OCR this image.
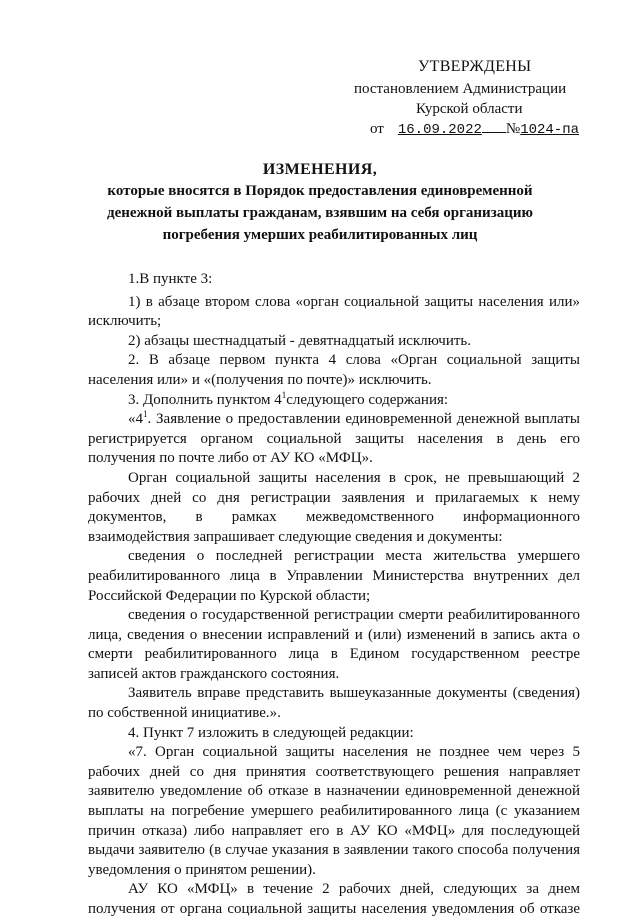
УТВЕРЖДЕНЫ
постановлением Администрации
Курской области
от 16.09.2022 №1024-па
ИЗМЕНЕНИЯ,
которые вносятся в Порядок предоставления единовременной
денежной выплаты гражданам, взявшим на себя организацию
погребения умерших реабилитированных лиц

1.В пункте 3:

1) в абзаце втором слова «орган социальной защиты населения или» исключить;

2) абзацы шестнадцатый - девятнадцатый исключить.

2. В абзаце первом пункта 4 слова «Орган социальной защиты населения или» и «(получения по почте)» исключить.

3. Дополнить пунктом $4^1следующего$ содержания:

«$4^1$. Заявление о предоставлении единовременной денежной выплаты регистрируется органом социальной защиты населения в день его получения по почте либо от АУ КО «МФЦ».

Орган социальной защиты населения в срок, не превышающий 2 рабочих дней со дня регистрации заявления и прилагаемых к нему документов, в рамках межведомственного информационного взаимодействия запрашивает следующие сведения и документы:

сведения о последней регистрации места жительства умершего реабилитированного лица в Управлении Министерства внутренних дел Российской Федерации по Курской области;

сведения о государственной регистрации смерти реабилитированного лица, сведения о внесении исправлений и (или) изменений в запись акта о смерти реабилитированного лица в Едином государственном реестре записей актов гражданского состояния.

Заявитель вправе представить вышеуказанные документы (сведения) по собственной инициативе.».

4. Пункт 7 изложить в следующей редакции:

«7. Орган социальной защиты населения не позднее чем через 5 рабочих дней со дня принятия соответствующего решения направляет заявителю уведомление об отказе в назначении единовременной денежной выплаты на погребение умершего реабилитированного лица (с указанием причин отказа) либо направляет его в АУ КО «МФЦ» для последующей выдачи заявителю (в случае указания в заявлении такого способа получения уведомления о принятом решении).

АУ КО «МФЦ» в течение 2 рабочих дней, следующих за днем получения от органа социальной защиты населения уведомления об отказе
